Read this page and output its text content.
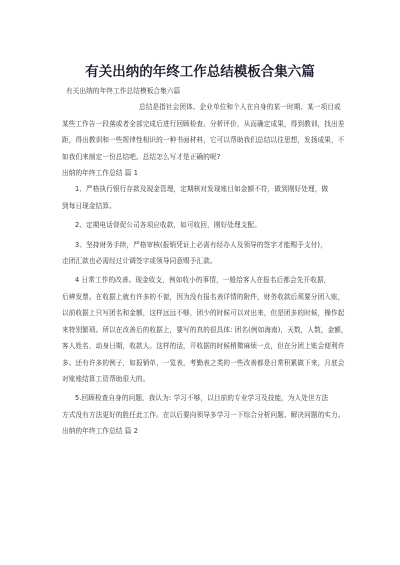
有关出纳的年终工作总结模板合集六篇
有关出纳的年终工作总结模板合集六篇
总结是指社会团体、企业单位和个人在自身的某一时期、某一项目或
某些工作告一段落或者全部完成后进行回顾检查、分析评价，从而确定成果，得到教训，找出差
距，得出教训和一些规律性相识的一种书面材料，它可以帮助我们总结以往思想，发扬成果，不
如我们来制定一份总结吧。总结怎么写才是正确的呢?
出纳的年终工作总结 篇 1
1、严格执行银行存款及现金管理，定期核对发现账目如金额不符，做到刚好处理，做
到每日现金结算。
2、定期电话督促公司各项应收款，如可收回，刚好处理支配。
3、坚持财务手续，严格审核(报销凭证上必需有经办人及领导的签字才能赐予支付)，
走团汇款也必需经过计调签字或领导同意赐予汇款。
4 日常工作的改善。现金收支，例如收小的事情，一般给客人在报名后都会先开收据，
后辨发票。在收据上就有许多的不便，因为没有报名表详情的附件，财务收款后须要分团入账，
以前收据上只写团名和金额，这样远远不够，团少的时候可以对出来，但是团多的时候，操作起
来特别繁琐。所以在改善后的收据上，要写的真的很具体: 团名(例如海南)，天数，人数，金额，
客人姓名，动身日期，收款人。这样的话，开收据的时候稍微麻烦一点，但在分团上账会便利许
多。还有许多的例子，如报销单，一览表，考勤表之类的一些改善都是日常积累做下来，月底会
对账账结算工资帮助很大的。
5.回顾检查自身的问题，我认为: 学习不够，以目前的专业学习及技能，为人处世方法
方式没有方法更好的胜任此工作。在以后要向领导多学习一下综合分析问题、解决问题的实力。
出纳的年终工作总结 篇 2
